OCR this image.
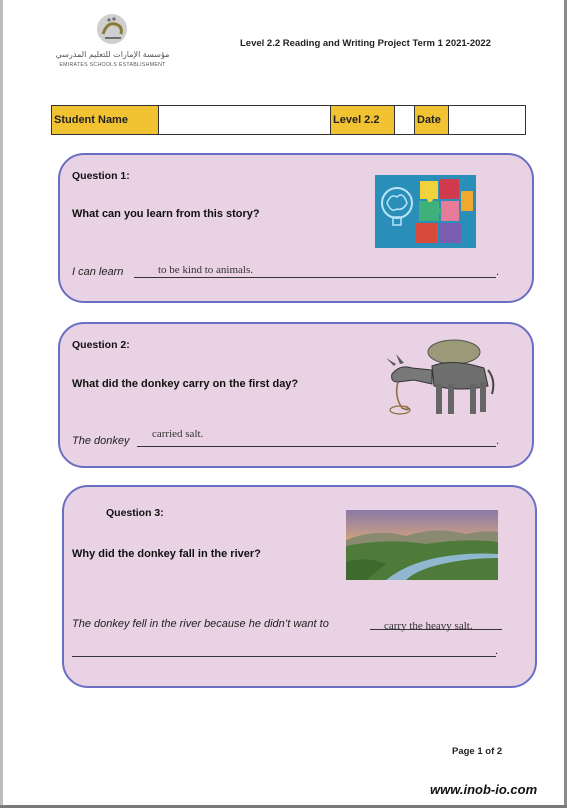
مؤسسة الإمارات للتعليم المدرسي
EMIRATES SCHOOLS ESTABLISHMENT
Level 2.2 Reading and Writing Project Term 1 2021-2022
Student Name	Level 2.2	Date
Question 1:
What can you learn from this story?
I can learn	to be kind to animals.	.
Question 2:
What did the donkey carry on the first day?
The donkey
carried salt.
.
Question 3:
Why did the donkey fall in the river?
The donkey fell in the river because he didn’t want to	carry the heavy salt.
.
Page 1 of 2
www.inob-io.com
